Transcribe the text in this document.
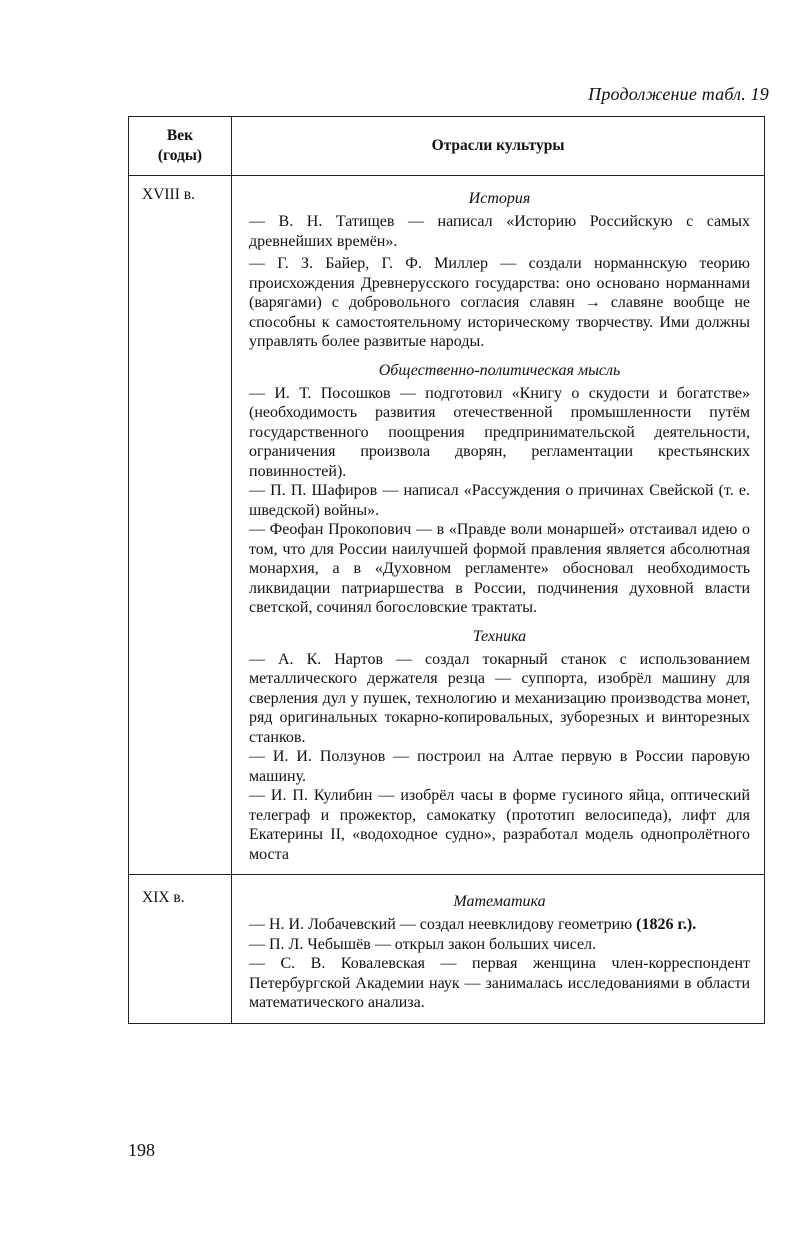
Продолжение табл. 19
Век
(годы)
Отрасли культуры
XVIII в.	История

— В. Н. Татищев — написал «Историю Российскую с самых древнейших времён».

— Г. З. Байер, Г. Ф. Миллер — создали норманнскую теорию происхождения Древнерусского государства: оно основано норманнами (варягами) с добровольного согласия славян → славяне вообще не способны к самостоятельному историческому творчеству. Ими должны управлять более развитые народы.

Общественно-политическая мысль

— И. Т. Посошков — подготовил «Книгу о скудости и богатстве» (необходимость развития отечественной промышленности путём государственного поощрения предпринимательской деятельности, ограничения произвола дворян, регламентации крестьянских повинностей).

— П. П. Шафиров — написал «Рассуждения о причинах Свейской (т. е. шведской) войны».

— Феофан Прокопович — в «Правде воли монаршей» отстаивал идею о том, что для России наилучшей формой правления является абсолютная монархия, а в «Духовном регламенте» обосновал необходимость ликвидации патриаршества в России, подчинения духовной власти светской, сочинял богословские трактаты.

Техника

— А. К. Нартов — создал токарный станок с использованием металлического держателя резца — суппорта, изобрёл машину для сверления дул у пушек, технологию и механизацию производства монет, ряд оригинальных токарно-копировальных, зуборезных и винторезных станков.

— И. И. Ползунов — построил на Алтае первую в России паровую машину.

— И. П. Кулибин — изобрёл часы в форме гусиного яйца, оптический телеграф и прожектор, самокатку (прототип велосипеда), лифт для Екатерины II, «водоходное судно», разработал модель однопролётного моста

XIX в.	Математика

— Н. И. Лобачевский — создал неевклидову геометрию (1826 г.).

— П. Л. Чебышёв — открыл закон больших чисел.

— С. В. Ковалевская — первая женщина член-корреспондент Петербургской Академии наук — занималась исследованиями в области математического анализа.

198
